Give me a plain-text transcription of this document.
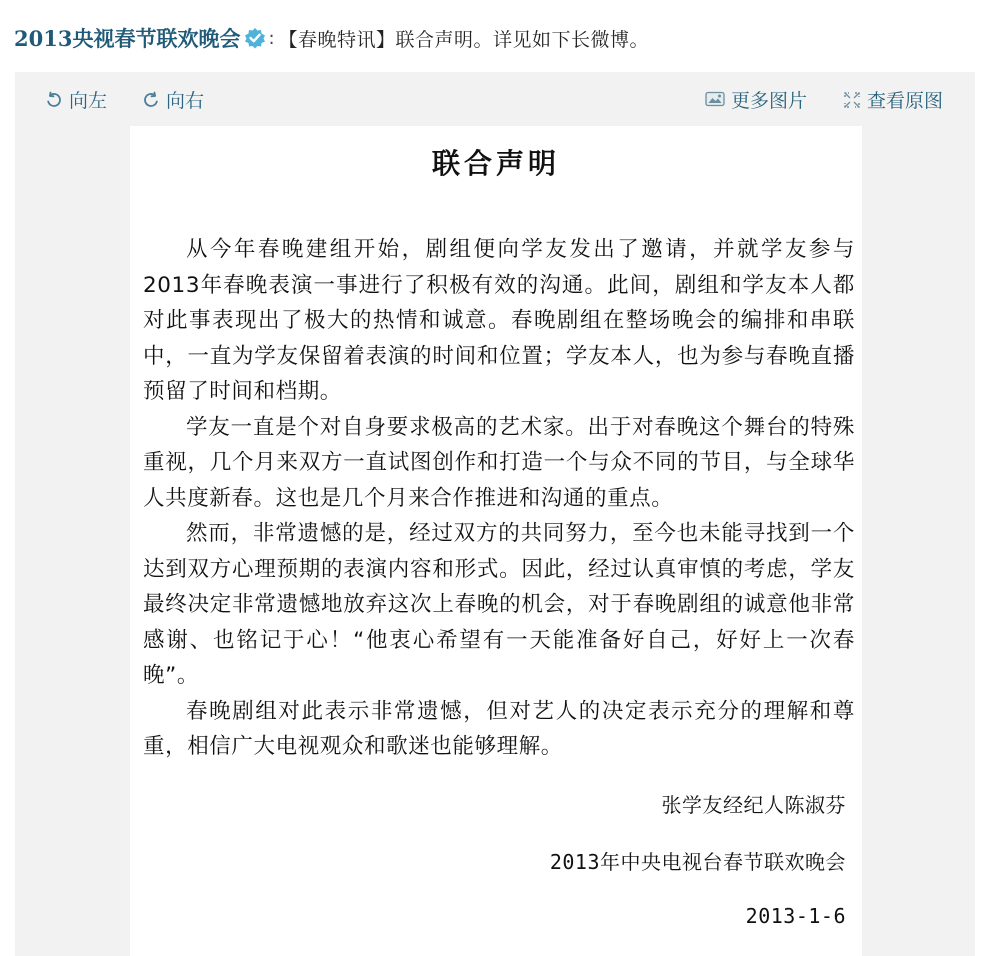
2013央视春节联欢晚会 : 【春晚特讯】联合声明。详见如下长微博。
向左	向右	更多图片	查看原图
联合声明

从今年春晚建组开始，剧组便向学友发出了邀请，并就学友参与2013年春晚表演一事进行了积极有效的沟通。此间，剧组和学友本人都对此事表现出了极大的热情和诚意。春晚剧组在整场晚会的编排和串联中，一直为学友保留着表演的时间和位置；学友本人，也为参与春晚直播预留了时间和档期。

学友一直是个对自身要求极高的艺术家。出于对春晚这个舞台的特殊重视，几个月来双方一直试图创作和打造一个与众不同的节目，与全球华人共度新春。这也是几个月来合作推进和沟通的重点。

然而，非常遗憾的是，经过双方的共同努力，至今也未能寻找到一个达到双方心理预期的表演内容和形式。因此，经过认真审慎的考虑，学友最终决定非常遗憾地放弃这次上春晚的机会，对于春晚剧组的诚意他非常感谢、也铭记于心！“他衷心希望有一天能准备好自己，好好上一次春晚”。

春晚剧组对此表示非常遗憾，但对艺人的决定表示充分的理解和尊重，相信广大电视观众和歌迷也能够理解。

张学友经纪人陈淑芬
2013年中央电视台春节联欢晚会
2013-1-6
